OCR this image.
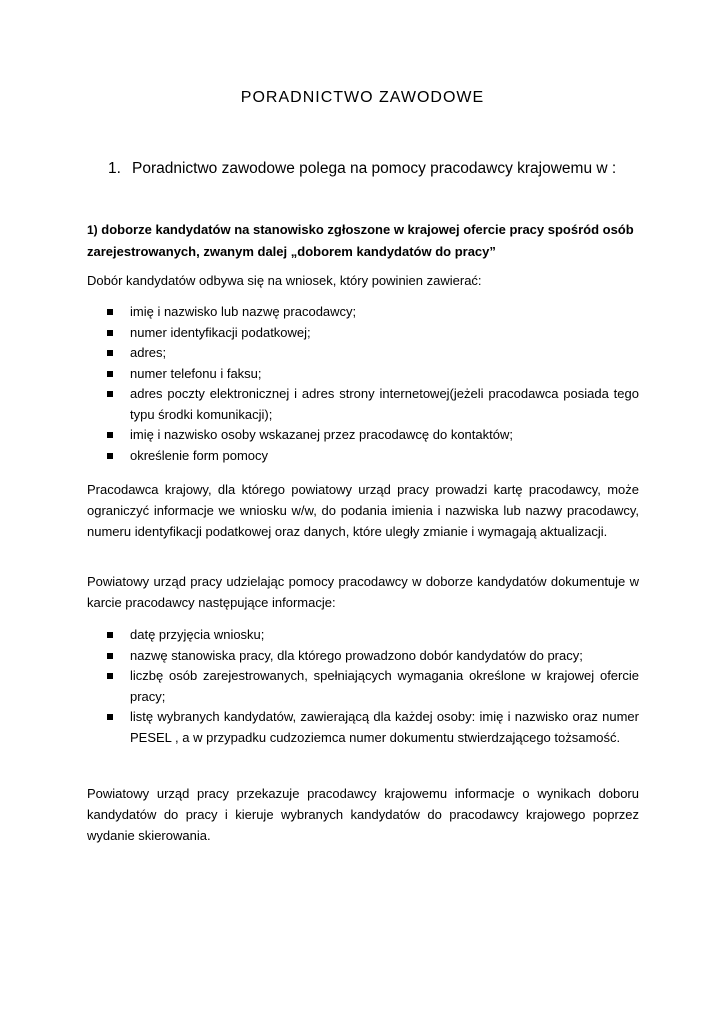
PORADNICTWO ZAWODOWE
1. Poradnictwo zawodowe polega na pomocy pracodawcy krajowemu w :

1) doborze kandydatów na stanowisko zgłoszone w krajowej ofercie pracy spośród osób zarejestrowanych, zwanym dalej „doborem kandydatów do pracy”

Dobór kandydatów odbywa się na wniosek, który powinien zawierać:

imię i nazwisko lub nazwę pracodawcy;
numer identyfikacji podatkowej;
adres;
numer telefonu i faksu;
adres poczty elektronicznej i adres strony internetowej(jeżeli pracodawca posiada tego typu środki komunikacji);
imię i nazwisko osoby wskazanej przez pracodawcę do kontaktów;
określenie form pomocy

Pracodawca krajowy, dla którego powiatowy urząd pracy prowadzi kartę pracodawcy, może ograniczyć informacje we wniosku w/w, do podania imienia i nazwiska lub nazwy pracodawcy, numeru identyfikacji podatkowej oraz danych, które uległy zmianie i wymagają aktualizacji.

Powiatowy urząd pracy udzielając pomocy pracodawcy w doborze kandydatów dokumentuje w karcie pracodawcy następujące informacje:

datę przyjęcia wniosku;
nazwę stanowiska pracy, dla którego prowadzono dobór kandydatów do pracy;
liczbę osób zarejestrowanych, spełniających wymagania określone w krajowej ofercie pracy;
listę wybranych kandydatów, zawierającą dla każdej osoby: imię i nazwisko oraz numer PESEL , a w przypadku cudzoziemca numer dokumentu stwierdzającego tożsamość.

Powiatowy urząd pracy przekazuje pracodawcy krajowemu informacje o wynikach doboru kandydatów do pracy i kieruje wybranych kandydatów do pracodawcy krajowego poprzez wydanie skierowania.
